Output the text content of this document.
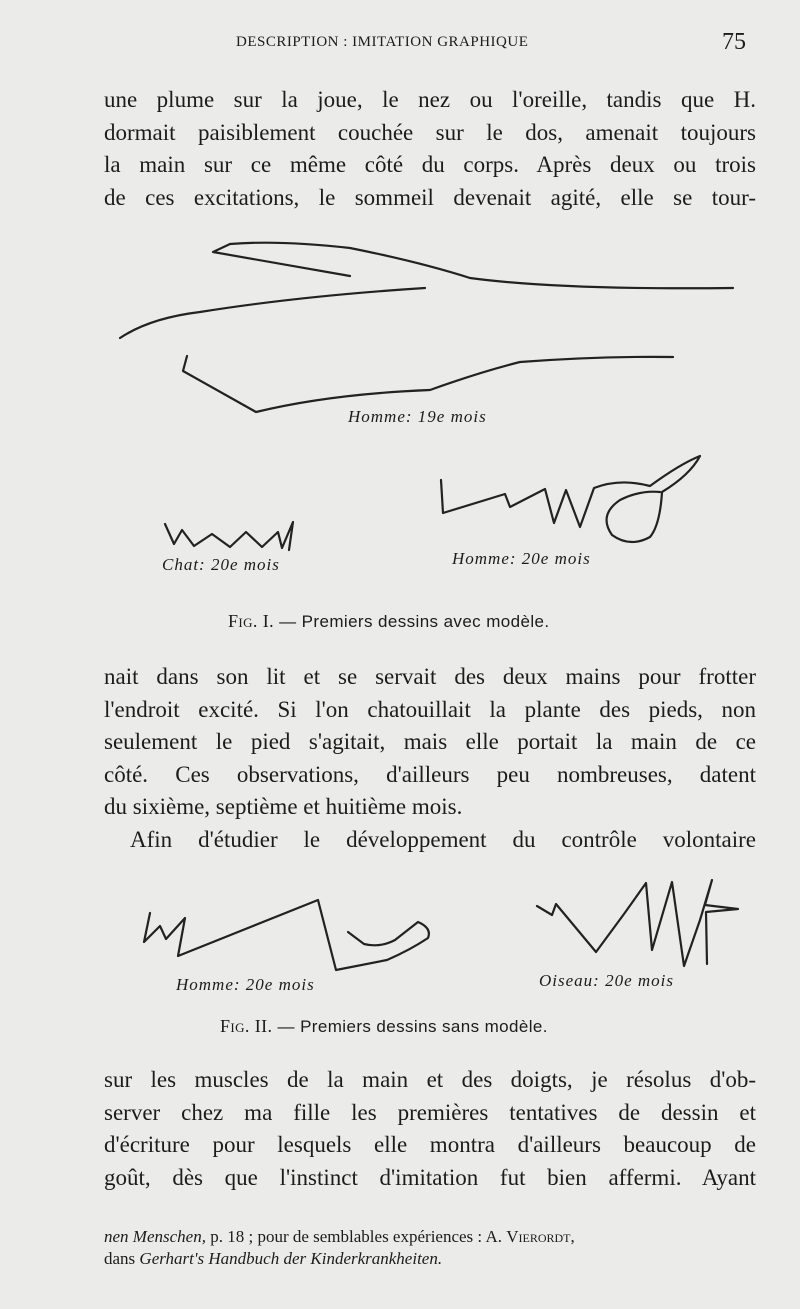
DESCRIPTION : IMITATION GRAPHIQUE	75
une plume sur la joue, le nez ou l'oreille, tandis que H.
dormait paisiblement couchée sur le dos, amenait toujours
la main sur ce même côté du corps. Après deux ou trois
de ces excitations, le sommeil devenait agité, elle se tour-
Homme: 19e mois
Chat: 20e mois	Homme: 20e mois
Fig. I. — Premiers dessins avec modèle.
nait dans son lit et se servait des deux mains pour frotter
l'endroit excité. Si l'on chatouillait la plante des pieds, non
seulement le pied s'agitait, mais elle portait la main de ce
côté. Ces observations, d'ailleurs peu nombreuses, datent
du sixième, septième et huitième mois.
Afin d'étudier le développement du contrôle volontaire
Homme: 20e mois	Oiseau: 20e mois
Fig. II. — Premiers dessins sans modèle.
sur les muscles de la main et des doigts, je résolus d'ob-
server chez ma fille les premières tentatives de dessin et
d'écriture pour lesquels elle montra d'ailleurs beaucoup de
goût, dès que l'instinct d'imitation fut bien affermi. Ayant
nen Menschen, p. 18 ; pour de semblables expériences : A. Vierordt,
dans Gerhart's Handbuch der Kinderkrankheiten.
